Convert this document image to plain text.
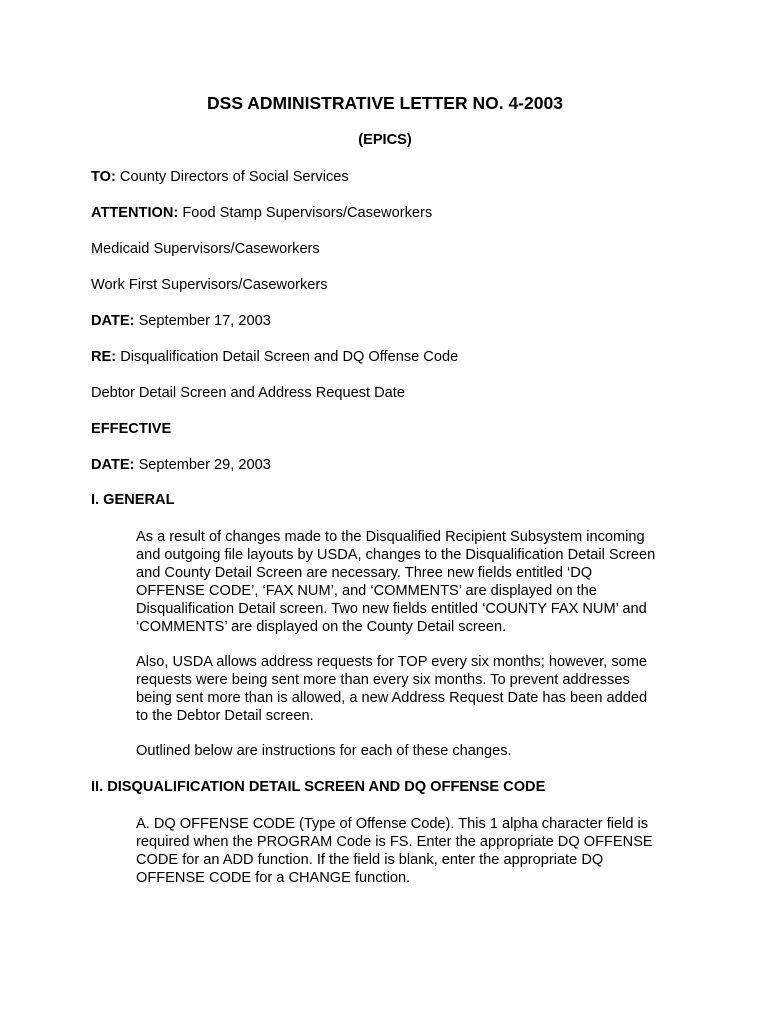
DSS ADMINISTRATIVE LETTER NO. 4-2003
(EPICS)
TO: County Directors of Social Services
ATTENTION: Food Stamp Supervisors/Caseworkers
Medicaid Supervisors/Caseworkers
Work First Supervisors/Caseworkers
DATE: September 17, 2003
RE: Disqualification Detail Screen and DQ Offense Code
Debtor Detail Screen and Address Request Date
EFFECTIVE
DATE: September 29, 2003
I. GENERAL
As a result of changes made to the Disqualified Recipient Subsystem incoming
and outgoing file layouts by USDA, changes to the Disqualification Detail Screen
and County Detail Screen are necessary. Three new fields entitled ‘DQ
OFFENSE CODE’, ‘FAX NUM’, and ‘COMMENTS’ are displayed on the
Disqualification Detail screen. Two new fields entitled ‘COUNTY FAX NUM’ and
‘COMMENTS’ are displayed on the County Detail screen.
Also, USDA allows address requests for TOP every six months; however, some
requests were being sent more than every six months. To prevent addresses
being sent more than is allowed, a new Address Request Date has been added
to the Debtor Detail screen.
Outlined below are instructions for each of these changes.
II. DISQUALIFICATION DETAIL SCREEN AND DQ OFFENSE CODE
A. DQ OFFENSE CODE (Type of Offense Code). This 1 alpha character field is
required when the PROGRAM Code is FS. Enter the appropriate DQ OFFENSE
CODE for an ADD function. If the field is blank, enter the appropriate DQ
OFFENSE CODE for a CHANGE function.
